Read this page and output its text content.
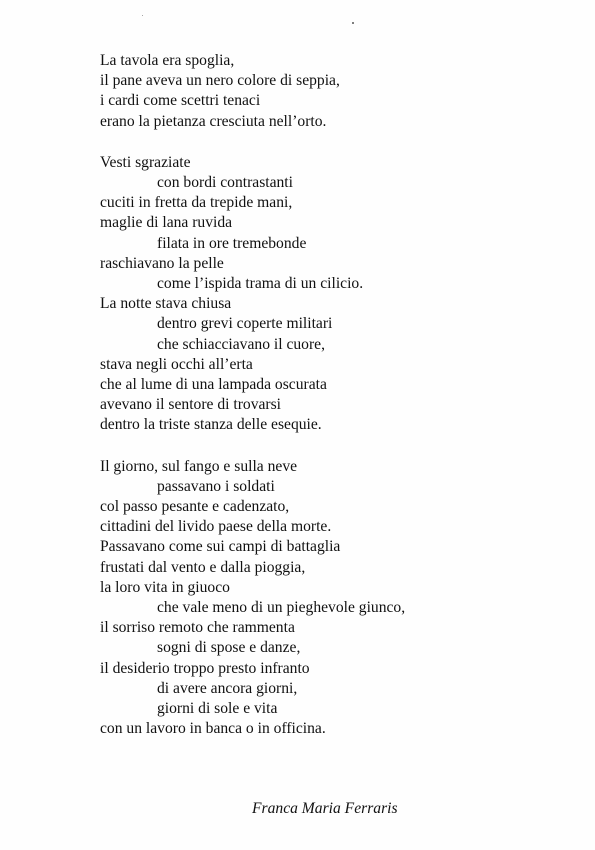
La tavola era spoglia,
il pane aveva un nero colore di seppia,
i cardi come scettri tenaci
erano la pietanza cresciuta nell’orto.

Vesti sgraziate
con bordi contrastanti
cuciti in fretta da trepide mani,
maglie di lana ruvida
filata in ore tremebonde
raschiavano la pelle
come l’ispida trama di un cilicio.
La notte stava chiusa
dentro grevi coperte militari
che schiacciavano il cuore,
stava negli occhi all’erta
che al lume di una lampada oscurata
avevano il sentore di trovarsi
dentro la triste stanza delle esequie.

Il giorno, sul fango e sulla neve
passavano i soldati
col passo pesante e cadenzato,
cittadini del livido paese della morte.
Passavano come sui campi di battaglia
frustati dal vento e dalla pioggia,
la loro vita in giuoco
che vale meno di un pieghevole giunco,
il sorriso remoto che rammenta
sogni di spose e danze,
il desiderio troppo presto infranto
di avere ancora giorni,
giorni di sole e vita
con un lavoro in banca o in officina.

Franca Maria Ferraris
